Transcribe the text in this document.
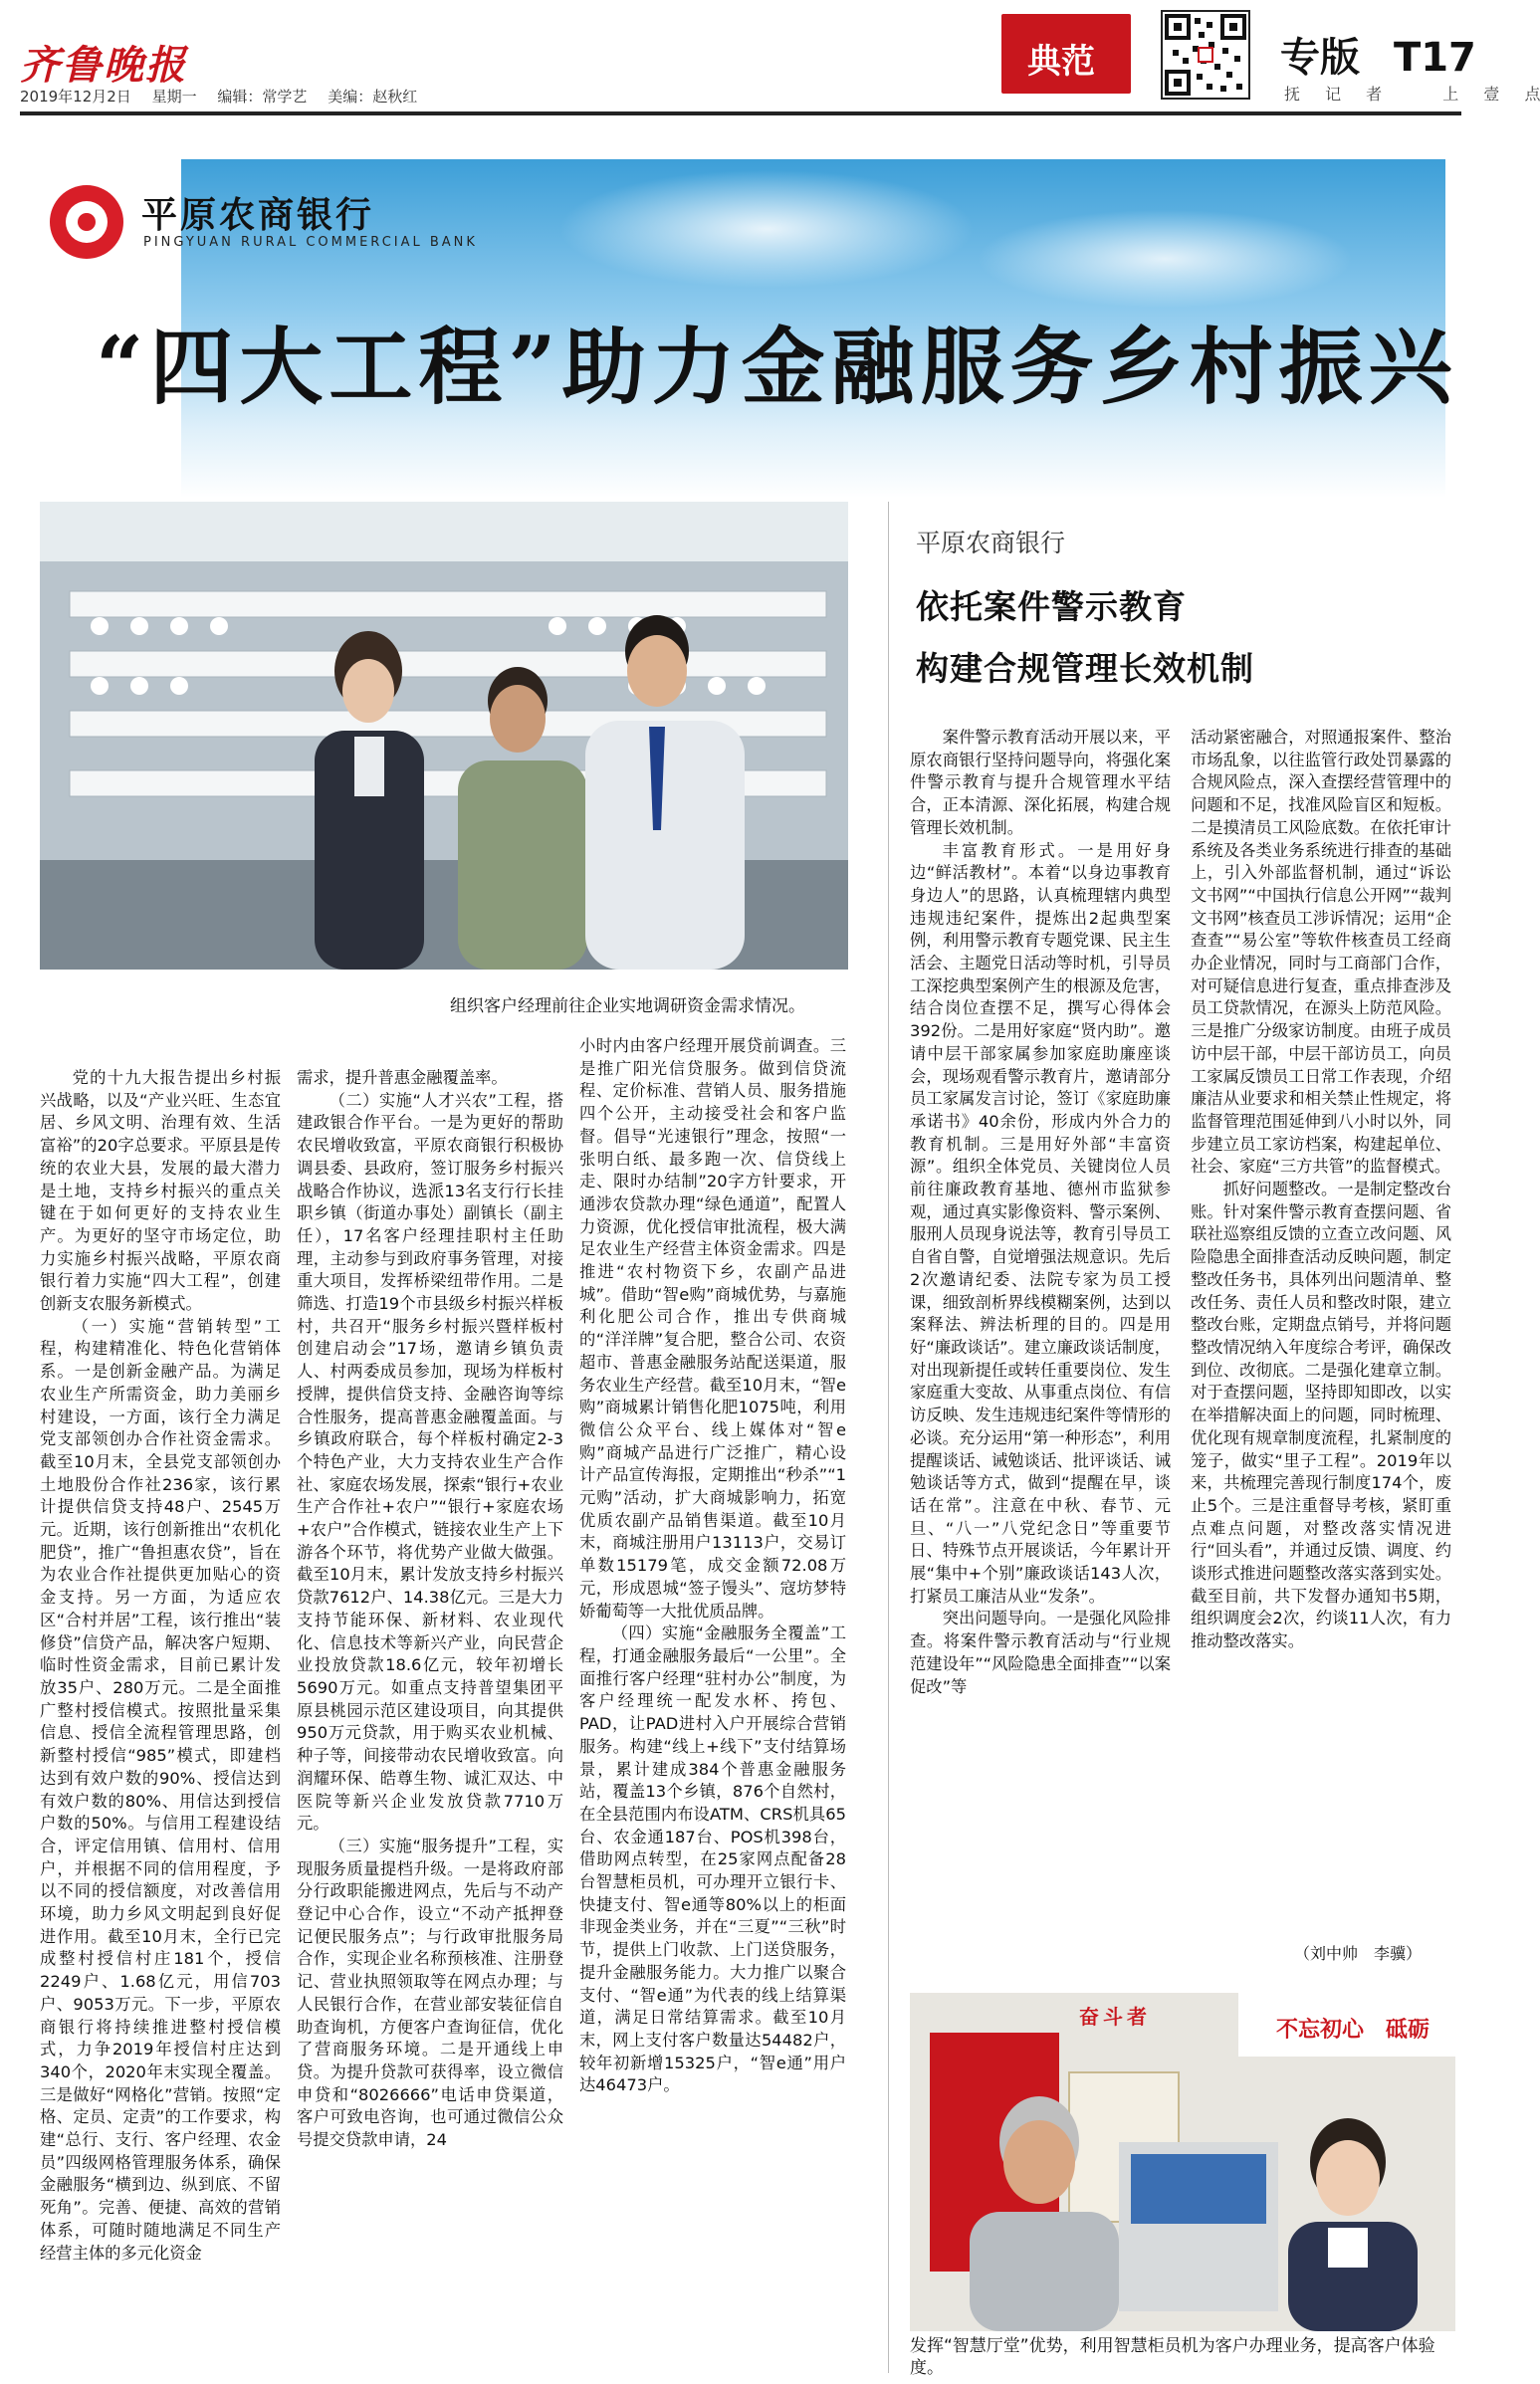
齐鲁晚报
2019年12月2日 星期一 编辑：常学艺 美编：赵秋红
典范	专版 T17
抚 记 者	上 壹 点
平原农商银行
PINGYUAN RURAL COMMERCIAL BANK
“四大工程”助力金融服务乡村振兴
组织客户经理前往企业实地调研资金需求情况。

党的十九大报告提出乡村振兴战略，以及“产业兴旺、生态宜居、乡风文明、治理有效、生活富裕”的20字总要求。平原县是传统的农业大县，发展的最大潜力是土地，支持乡村振兴的重点关键在于如何更好的支持农业生产。为更好的坚守市场定位，助力实施乡村振兴战略，平原农商银行着力实施“四大工程”，创建创新支农服务新模式。

（一）实施“营销转型”工程，构建精准化、特色化营销体系。一是创新金融产品。为满足农业生产所需资金，助力美丽乡村建设，一方面，该行全力满足党支部领创办合作社资金需求。截至10月末，全县党支部领创办土地股份合作社236家，该行累计提供信贷支持48户、2545万元。近期，该行创新推出“农机化肥贷”，推广“鲁担惠农贷”，旨在为农业合作社提供更加贴心的资金支持。另一方面，为适应农区“合村并居”工程，该行推出“装修贷”信贷产品，解决客户短期、临时性资金需求，目前已累计发放35户、280万元。二是全面推广整村授信模式。按照批量采集信息、授信全流程管理思路，创新整村授信“985”模式，即建档达到有效户数的90%、授信达到有效户数的80%、用信达到授信户数的50%。与信用工程建设结合，评定信用镇、信用村、信用户，并根据不同的信用程度，予以不同的授信额度，对改善信用环境，助力乡风文明起到良好促进作用。截至10月末，全行已完成整村授信村庄181个，授信2249户、1.68亿元，用信703户、9053万元。下一步，平原农商银行将持续推进整村授信模式，力争2019年授信村庄达到340个，2020年末实现全覆盖。三是做好“网格化”营销。按照“定格、定员、定责”的工作要求，构建“总行、支行、客户经理、农金员”四级网格管理服务体系，确保金融服务“横到边、纵到底、不留死角”。完善、便捷、高效的营销体系，可随时随地满足不同生产经营主体的多元化资金

需求，提升普惠金融覆盖率。

（二）实施“人才兴农”工程，搭建政银合作平台。一是为更好的帮助农民增收致富，平原农商银行积极协调县委、县政府，签订服务乡村振兴战略合作协议，选派13名支行行长挂职乡镇（街道办事处）副镇长（副主任），17名客户经理挂职村主任助理，主动参与到政府事务管理，对接重大项目，发挥桥梁纽带作用。二是筛选、打造19个市县级乡村振兴样板村，共召开“服务乡村振兴暨样板村创建启动会”17场，邀请乡镇负责人、村两委成员参加，现场为样板村授牌，提供信贷支持、金融咨询等综合性服务，提高普惠金融覆盖面。与乡镇政府联合，每个样板村确定2-3个特色产业，大力支持农业生产合作社、家庭农场发展，探索“银行+农业生产合作社+农户”“银行+家庭农场+农户”合作模式，链接农业生产上下游各个环节，将优势产业做大做强。截至10月末，累计发放支持乡村振兴贷款7612户、14.38亿元。三是大力支持节能环保、新材料、农业现代化、信息技术等新兴产业，向民营企业投放贷款18.6亿元，较年初增长5690万元。如重点支持普望集团平原县桃园示范区建设项目，向其提供950万元贷款，用于购买农业机械、种子等，间接带动农民增收致富。向润耀环保、皓尊生物、诚汇双达、中医院等新兴企业发放贷款7710万元。

（三）实施“服务提升”工程，实现服务质量提档升级。一是将政府部分行政职能搬进网点，先后与不动产登记中心合作，设立“不动产抵押登记便民服务点”；与行政审批服务局合作，实现企业名称预核准、注册登记、营业执照领取等在网点办理；与人民银行合作，在营业部安装征信自助查询机，方便客户查询征信，优化了营商服务环境。二是开通线上申贷。为提升贷款可获得率，设立微信申贷和“8026666”电话申贷渠道，客户可致电咨询，也可通过微信公众号提交贷款申请，24

小时内由客户经理开展贷前调查。三是推广阳光信贷服务。做到信贷流程、定价标准、营销人员、服务措施四个公开，主动接受社会和客户监督。倡导“光速银行”理念，按照“一张明白纸、最多跑一次、信贷线上走、限时办结制”20字方针要求，开通涉农贷款办理“绿色通道”，配置人力资源，优化授信审批流程，极大满足农业生产经营主体资金需求。四是推进“农村物资下乡，农副产品进城”。借助“智e购”商城优势，与嘉施利化肥公司合作，推出专供商城的“洋洋牌”复合肥，整合公司、农资超市、普惠金融服务站配送渠道，服务农业生产经营。截至10月末，“智e购”商城累计销售化肥1075吨，利用微信公众平台、线上媒体对“智e购”商城产品进行广泛推广，精心设计产品宣传海报，定期推出“秒杀”“1元购”活动，扩大商城影响力，拓宽优质农副产品销售渠道。截至10月末，商城注册用户13113户，交易订单数15179笔，成交金额72.08万元，形成恩城“签子馒头”、寇坊梦特娇葡萄等一大批优质品牌。

（四）实施“金融服务全覆盖”工程，打通金融服务最后“一公里”。全面推行客户经理“驻村办公”制度，为客户经理统一配发水杯、挎包、PAD，让PAD进村入户开展综合营销服务。构建“线上+线下”支付结算场景，累计建成384个普惠金融服务站，覆盖13个乡镇，876个自然村，在全县范围内布设ATM、CRS机具65台、农金通187台、POS机398台，借助网点转型，在25家网点配备28台智慧柜员机，可办理开立银行卡、快捷支付、智e通等80%以上的柜面非现金类业务，并在“三夏”“三秋”时节，提供上门收款、上门送贷服务，提升金融服务能力。大力推广以聚合支付、“智e通”为代表的线上结算渠道，满足日常结算需求。截至10月末，网上支付客户数量达54482户，较年初新增15325户，“智e通”用户达46473户。

平原农商银行
依托案件警示教育
构建合规管理长效机制

案件警示教育活动开展以来，平原农商银行坚持问题导向，将强化案件警示教育与提升合规管理水平结合，正本清源、深化拓展，构建合规管理长效机制。

丰富教育形式。一是用好身边“鲜活教材”。本着“以身边事教育身边人”的思路，认真梳理辖内典型违规违纪案件，提炼出2起典型案例，利用警示教育专题党课、民主生活会、主题党日活动等时机，引导员工深挖典型案例产生的根源及危害，结合岗位查摆不足，撰写心得体会392份。二是用好家庭“贤内助”。邀请中层干部家属参加家庭助廉座谈会，现场观看警示教育片，邀请部分员工家属发言讨论，签订《家庭助廉承诺书》40余份，形成内外合力的教育机制。三是用好外部“丰富资源”。组织全体党员、关键岗位人员前往廉政教育基地、德州市监狱参观，通过真实影像资料、警示案例、服刑人员现身说法等，教育引导员工自省自警，自觉增强法规意识。先后2次邀请纪委、法院专家为员工授课，细致剖析界线模糊案例，达到以案释法、辨法析理的目的。四是用好“廉政谈话”。建立廉政谈话制度，对出现新提任或转任重要岗位、发生家庭重大变故、从事重点岗位、有信访反映、发生违规违纪案件等情形的必谈。充分运用“第一种形态”，利用提醒谈话、诫勉谈话、批评谈话、诫勉谈话等方式，做到“提醒在早，谈话在常”。注意在中秋、春节、元旦、“八一”八党纪念日”等重要节日、特殊节点开展谈话，今年累计开展“集中+个别”廉政谈话143人次，打紧员工廉洁从业“发条”。

突出问题导向。一是强化风险排查。将案件警示教育活动与“行业规范建设年”“风险隐患全面排查”“以案促改”等

活动紧密融合，对照通报案件、整治市场乱象，以往监管行政处罚暴露的合规风险点，深入查摆经营管理中的问题和不足，找准风险盲区和短板。二是摸清员工风险底数。在依托审计系统及各类业务系统进行排查的基础上，引入外部监督机制，通过“诉讼文书网”“中国执行信息公开网”“裁判文书网”核查员工涉诉情况；运用“企查查”“易公室”等软件核查员工经商办企业情况，同时与工商部门合作，对可疑信息进行复查，重点排查涉及员工贷款情况，在源头上防范风险。三是推广分级家访制度。由班子成员访中层干部，中层干部访员工，向员工家属反馈员工日常工作表现，介绍廉洁从业要求和相关禁止性规定，将监督管理范围延伸到八小时以外，同步建立员工家访档案，构建起单位、社会、家庭“三方共管”的监督模式。

抓好问题整改。一是制定整改台账。针对案件警示教育查摆问题、省联社巡察组反馈的立查立改问题、风险隐患全面排查活动反映问题，制定整改任务书，具体列出问题清单、整改任务、责任人员和整改时限，建立整改台账，定期盘点销号，并将问题整改情况纳入年度综合考评，确保改到位、改彻底。二是强化建章立制。对于查摆问题，坚持即知即改，以实在举措解决面上的问题，同时梳理、优化现有规章制度流程，扎紧制度的笼子，做实“里子工程”。2019年以来，共梳理完善现行制度174个，废止5个。三是注重督导考核，紧盯重点难点问题，对整改落实情况进行“回头看”，并通过反馈、调度、约谈形式推进问题整改落实落到实处。截至目前，共下发督办通知书5期，组织调度会2次，约谈11人次，有力推动整改落实。

（刘中帅　李骥）
不忘初心　砥砺
奋斗者
发挥“智慧厅堂”优势，利用智慧柜员机为客户办理业务，提高客户体验度。
